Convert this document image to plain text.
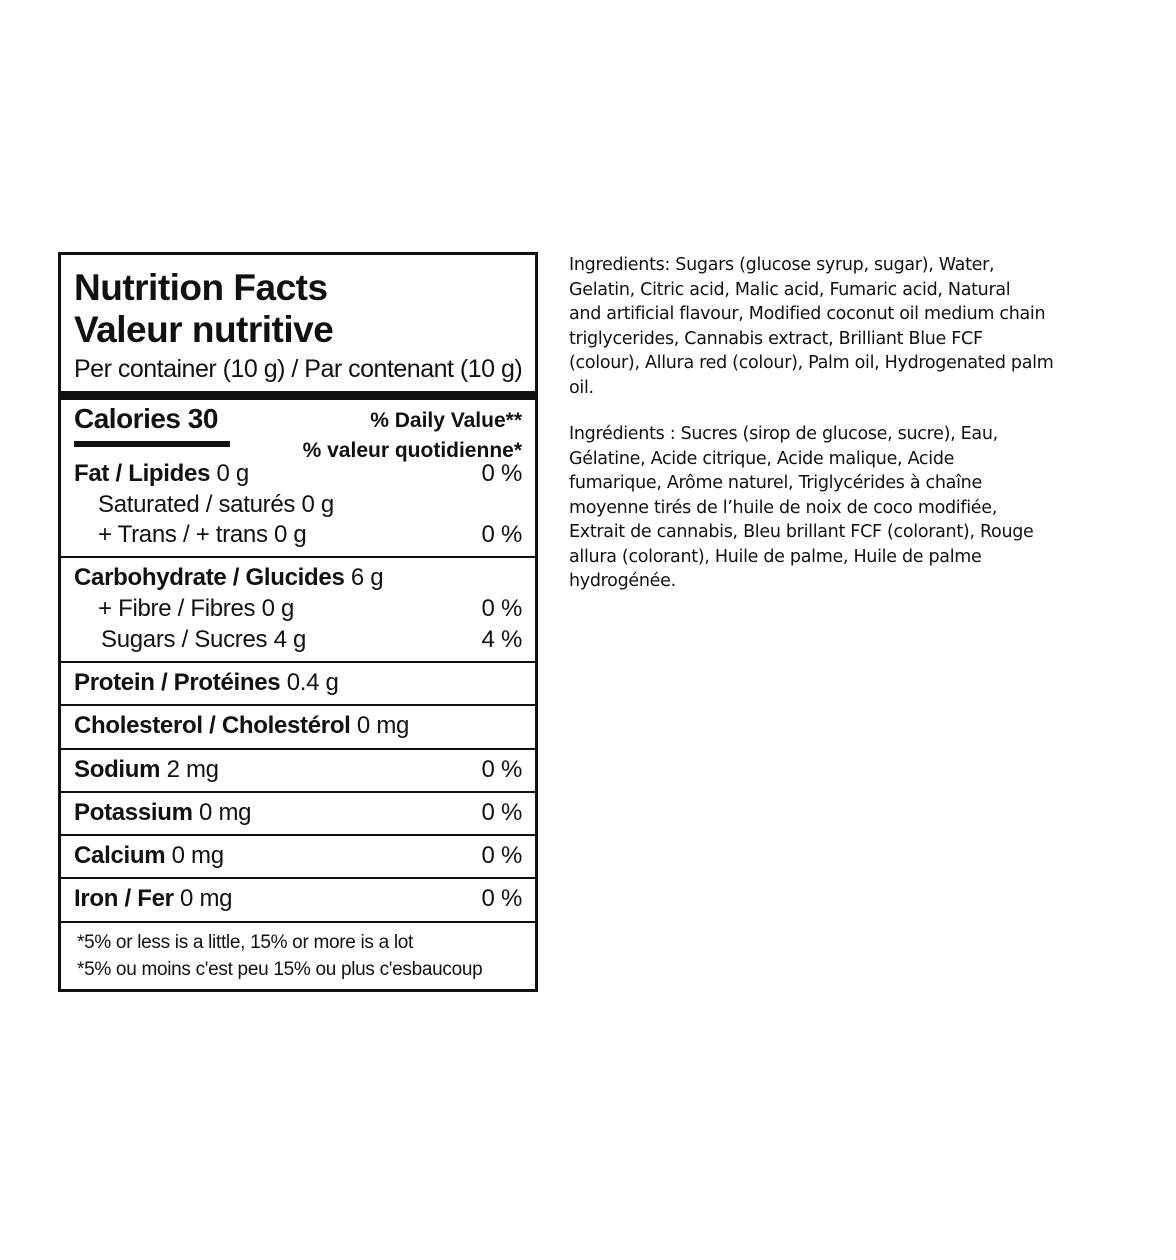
Nutrition Facts
Valeur nutritive
Per container (10 g) / Par contenant (10 g)
Calories 30	% Daily Value**
% valeur quotidienne*
Fat / Lipides 0 g	0 %
Saturated / saturés 0 g
+ Trans / + trans 0 g	0 %
Carbohydrate / Glucides 6 g
+ Fibre / Fibres 0 g	0 %
Sugars / Sucres 4 g	4 %
Protein / Protéines 0.4 g
Cholesterol / Cholestérol 0 mg
Sodium 2 mg	0 %
Potassium 0 mg	0 %
Calcium 0 mg	0 %
Iron / Fer 0 mg	0 %
*5% or less is a little, 15% or more is a lot
*5% ou moins c'est peu 15% ou plus c'esbaucoup
Ingredients: Sugars (glucose syrup, sugar), Water,
Gelatin, Citric acid, Malic acid, Fumaric acid, Natural
and artificial flavour, Modified coconut oil medium chain
triglycerides, Cannabis extract, Brilliant Blue FCF
(colour), Allura red (colour), Palm oil, Hydrogenated palm
oil.
Ingrédients : Sucres (sirop de glucose, sucre), Eau,
Gélatine, Acide citrique, Acide malique, Acide
fumarique, Arôme naturel, Triglycérides à chaîne
moyenne tirés de l’huile de noix de coco modifiée,
Extrait de cannabis, Bleu brillant FCF (colorant), Rouge
allura (colorant), Huile de palme, Huile de palme
hydrogénée.
